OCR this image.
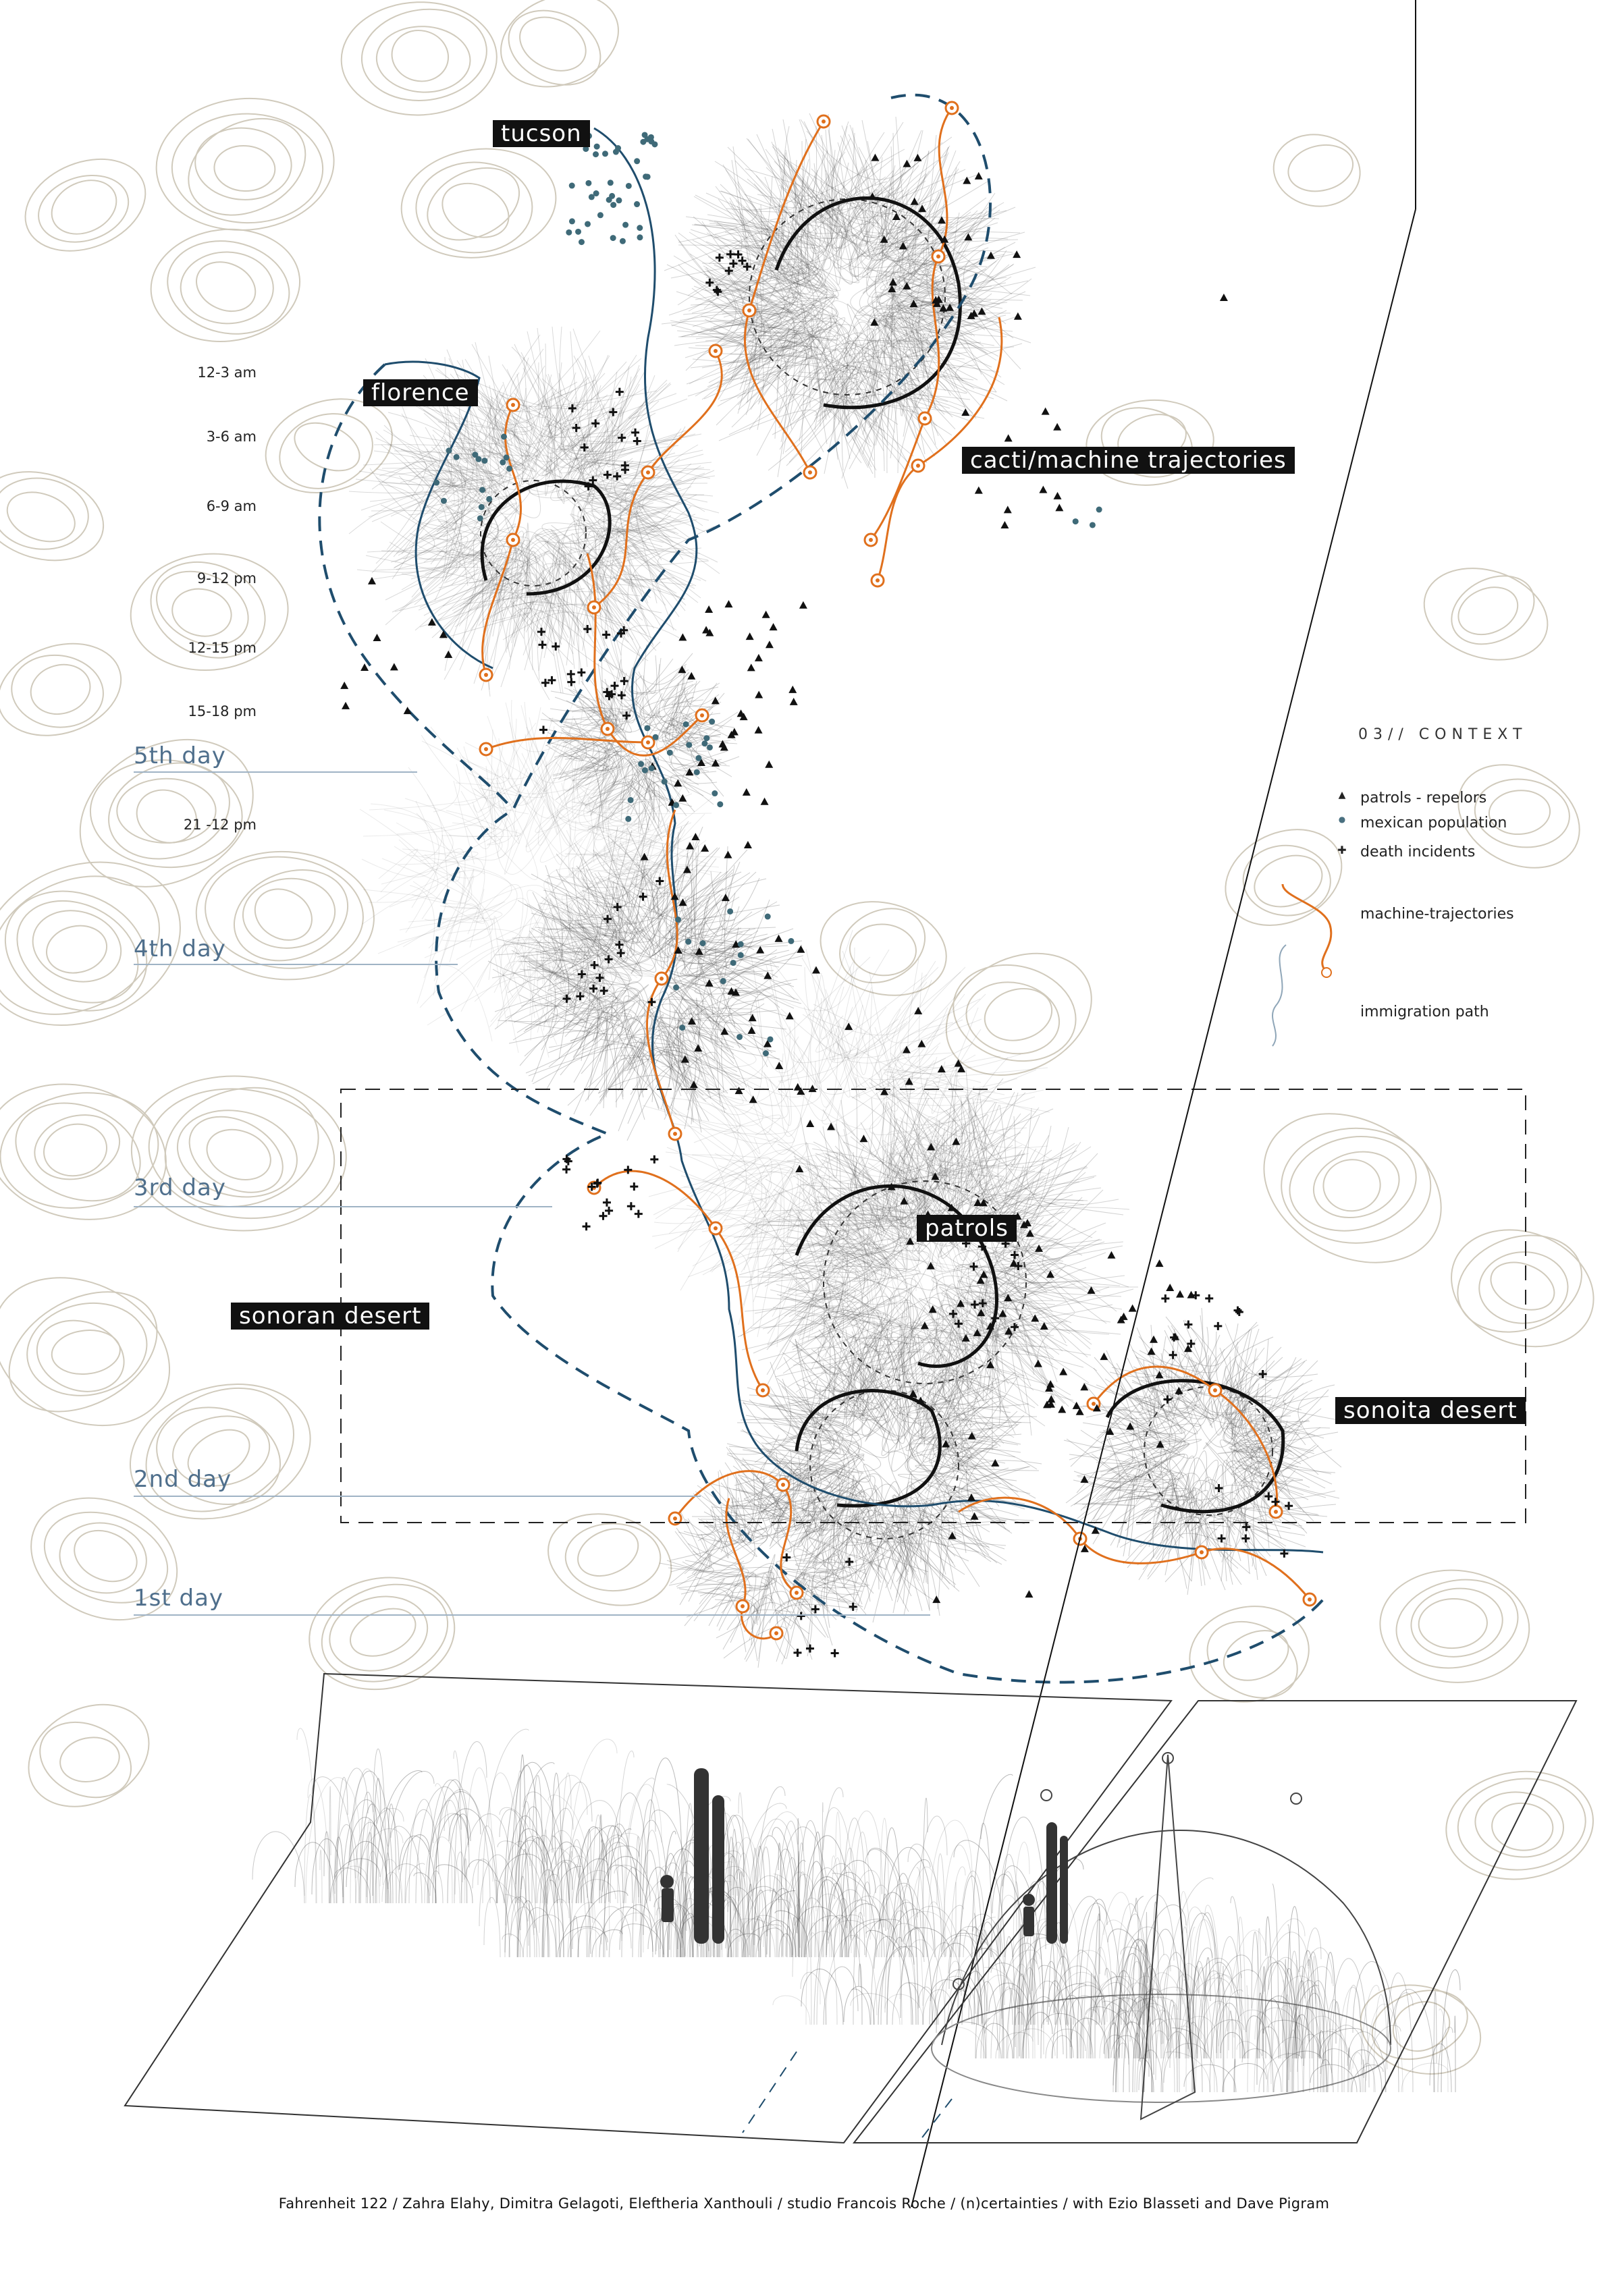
tucson
florence
cacti/machine trajectories
patrols
sonoran desert
sonoita desert
12-3 am
3-6 am
6-9 am
9-12 pm
12-15 pm
15-18 pm
21 -12 pm
5th day
4th day
3rd day
2nd day
1st day
03// CONTEXT
▲ patrols - repelors
● mexican population
✚ death incidents
machine-trajectories
immigration path
Fahrenheit 122 / Zahra Elahy, Dimitra Gelagoti, Eleftheria Xanthouli / studio Francois Roche / (n)certainties / with Ezio Blasseti and Dave Pigram
